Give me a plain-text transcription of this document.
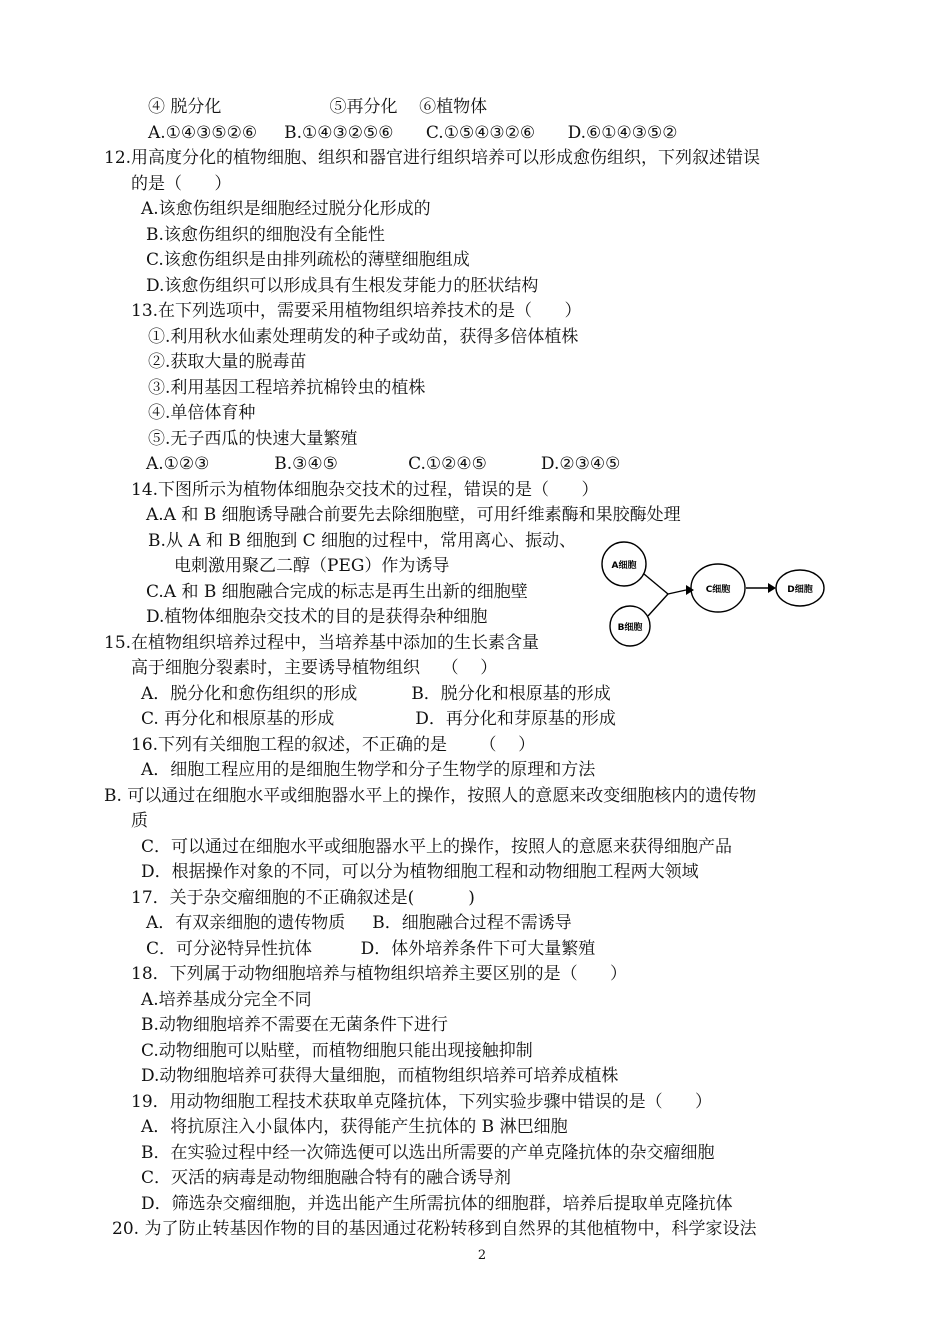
④ 脱分化                    ⑤再分化    ⑥植物体
A.①④③⑤②⑥     B.①④③②⑤⑥      C.①⑤④③②⑥      D.⑥①④③⑤②
12.用高度分化的植物细胞、组织和器官进行组织培养可以形成愈伤组织，下列叙述错误
的是（      ）
A.该愈伤组织是细胞经过脱分化形成的
B.该愈伤组织的细胞没有全能性
C.该愈伤组织是由排列疏松的薄壁细胞组成
D.该愈伤组织可以形成具有生根发芽能力的胚状结构
13.在下列选项中，需要采用植物组织培养技术的是（      ）
①.利用秋水仙素处理萌发的种子或幼苗，获得多倍体植株
②.获取大量的脱毒苗
③.利用基因工程培养抗棉铃虫的植株
④.单倍体育种
⑤.无子西瓜的快速大量繁殖
A.①②③            B.③④⑤             C.①②④⑤          D.②③④⑤
14.下图所示为植物体细胞杂交技术的过程，错误的是（      ）
A.A 和 B 细胞诱导融合前要先去除细胞壁，可用纤维素酶和果胶酶处理
B.从 A 和 B 细胞到 C 细胞的过程中，常用离心、振动、
电刺激用聚乙二醇（PEG）作为诱导
C.A 和 B 细胞融合完成的标志是再生出新的细胞壁
D.植物体细胞杂交技术的目的是获得杂种细胞
15.在植物组织培养过程中，当培养基中添加的生长素含量
高于细胞分裂素时，主要诱导植物组织    （    ）
A．脱分化和愈伤组织的形成          B．脱分化和根原基的形成
C. 再分化和根原基的形成               D．再分化和芽原基的形成
16.下列有关细胞工程的叙述，不正确的是      （    ）
A．细胞工程应用的是细胞生物学和分子生物学的原理和方法
B. 可以通过在细胞水平或细胞器水平上的操作，按照人的意愿来改变细胞核内的遗传物
质
C．可以通过在细胞水平或细胞器水平上的操作，按照人的意愿来获得细胞产品
D．根据操作对象的不同，可以分为植物细胞工程和动物细胞工程两大领域
17．关于杂交瘤细胞的不正确叙述是(          )
A．有双亲细胞的遗传物质     B．细胞融合过程不需诱导
C．可分泌特异性抗体         D．体外培养条件下可大量繁殖
18．下列属于动物细胞培养与植物组织培养主要区别的是（      ）
A.培养基成分完全不同
B.动物细胞培养不需要在无菌条件下进行
C.动物细胞可以贴壁，而植物细胞只能出现接触抑制
D.动物细胞培养可获得大量细胞，而植物组织培养可培养成植株
19．用动物细胞工程技术获取单克隆抗体，下列实验步骤中错误的是（      ）
A．将抗原注入小鼠体内，获得能产生抗体的 B 淋巴细胞
B．在实验过程中经一次筛选便可以选出所需要的产单克隆抗体的杂交瘤细胞
C．灭活的病毒是动物细胞融合特有的融合诱导剂
D．筛选杂交瘤细胞，并选出能产生所需抗体的细胞群，培养后提取单克隆抗体
20. 为了防止转基因作物的目的基因通过花粉转移到自然界的其他植物中，科学家设法
A细胞
B细胞
C细胞	D细胞
2
